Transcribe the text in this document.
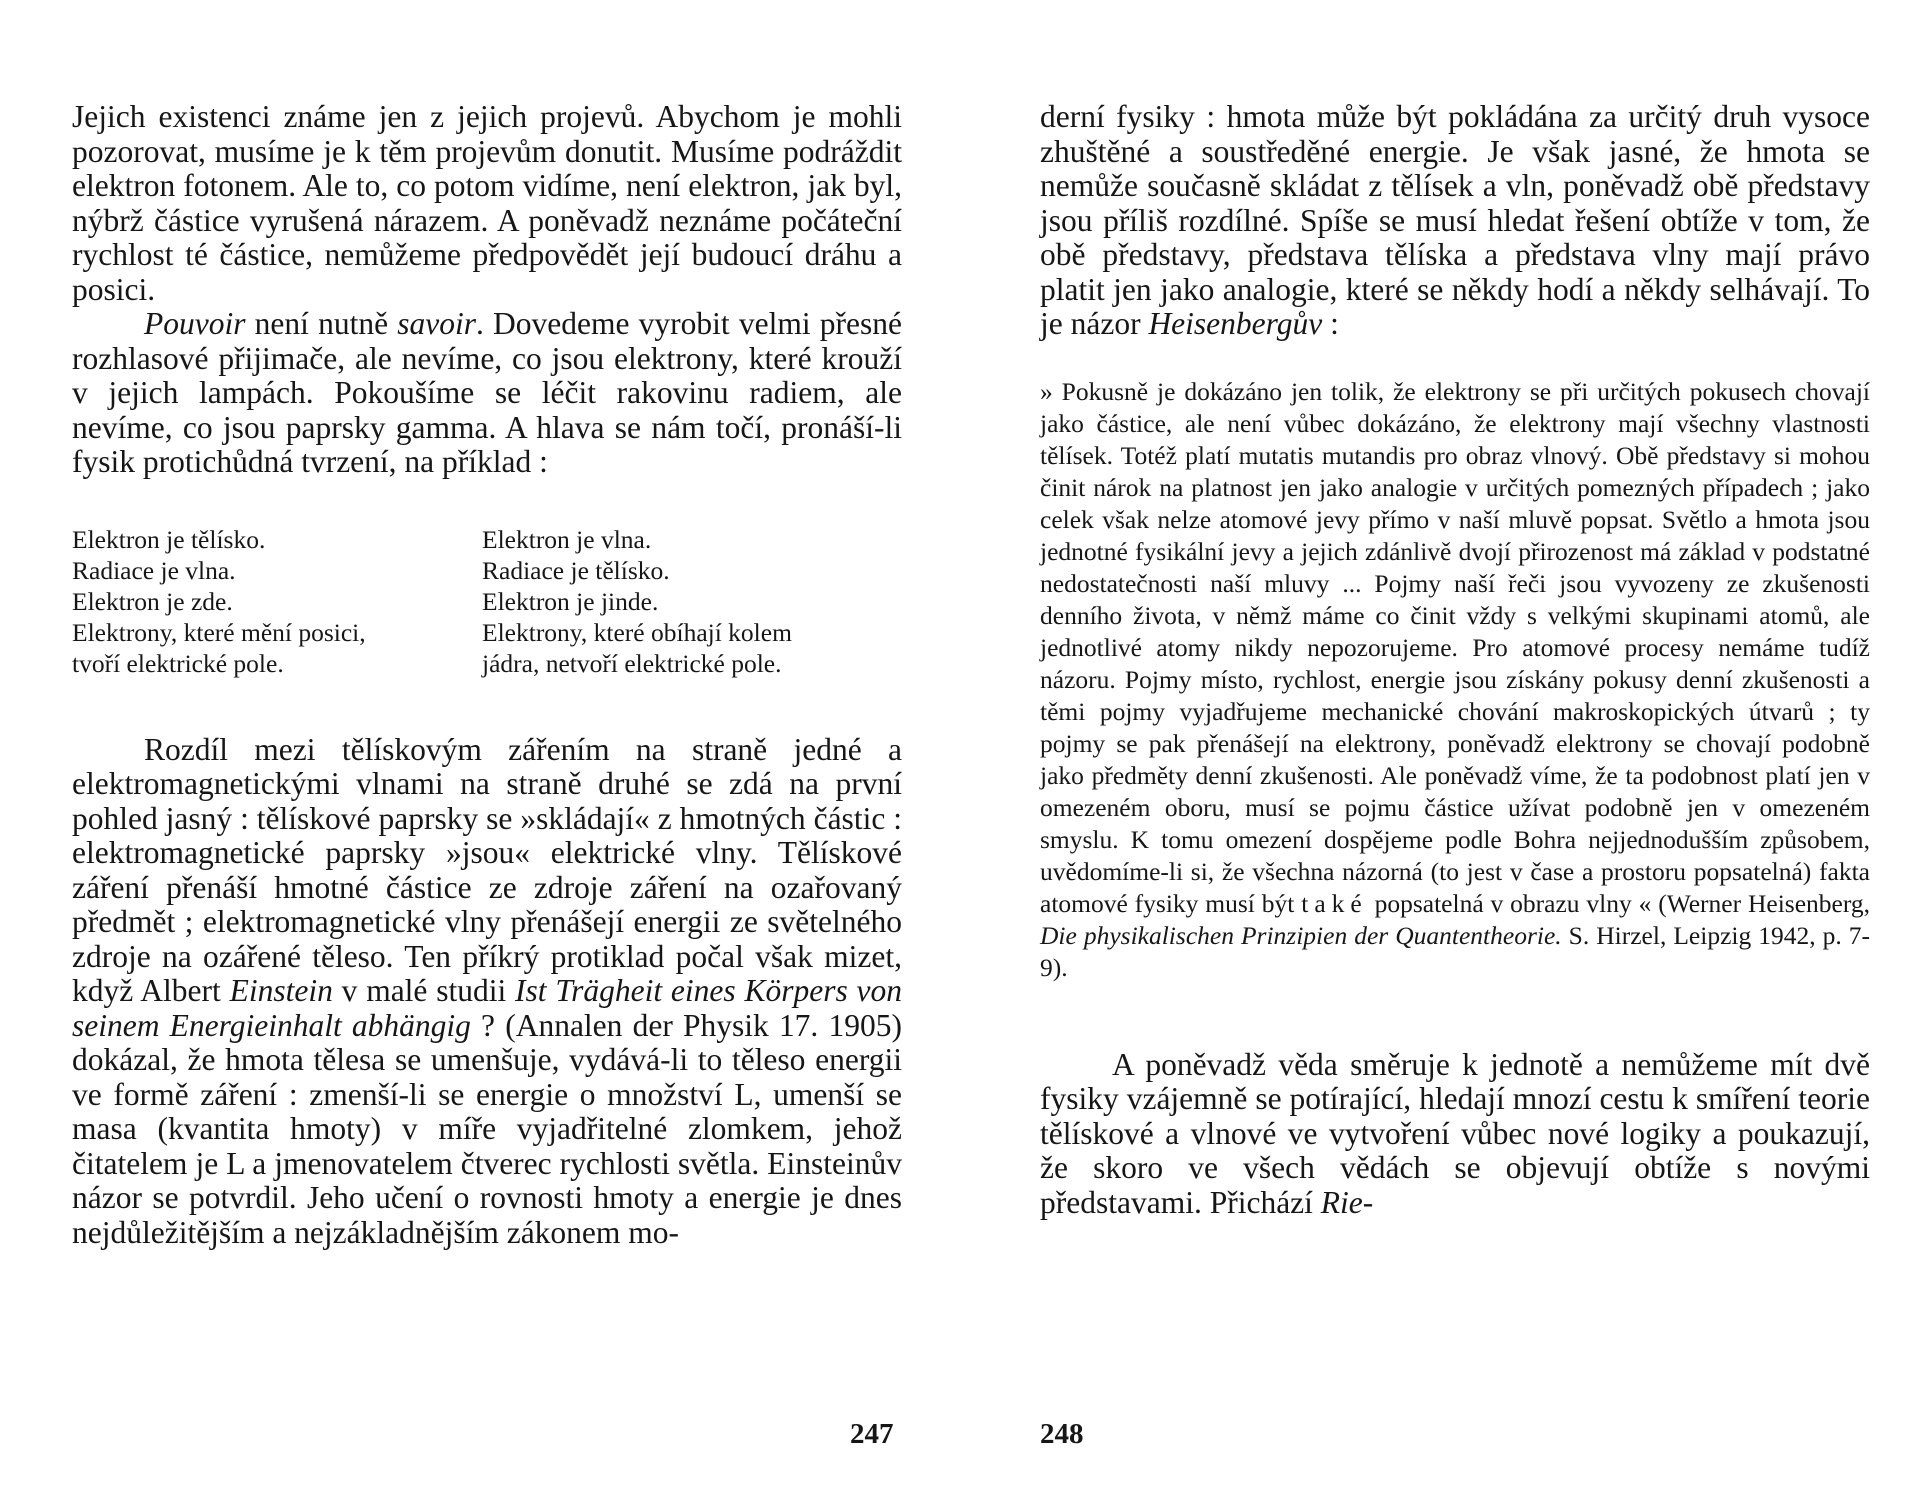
Jejich existenci známe jen z jejich projevů. Abychom je mohli pozorovat, musíme je k těm projevům donutit. Musíme podráždit elektron fotonem. Ale to, co potom vidíme, není elektron, jak byl, nýbrž částice vyrušená nárazem. A poněvadž neznáme počáteční rychlost té částice, nemůžeme předpovědět její budoucí dráhu a posici.

Pouvoir není nutně savoir. Dovedeme vyrobit velmi přesné rozhlasové přijimače, ale nevíme, co jsou elektrony, které krouží v jejich lampách. Pokoušíme se léčit rakovinu radiem, ale nevíme, co jsou paprsky gamma. A hlava se nám točí, pronáší-li fysik protichůdná tvrzení, na příklad :

Elektron je tělísko.	Elektron je vlna.
Radiace je vlna.	Radiace je tělísko.
Elektron je zde.	Elektron je jinde.
Elektrony, které mění posici,	Elektrony, které obíhají kolem
tvoří elektrické pole.	jádra, netvoří elektrické pole.

Rozdíl mezi tělískovým zářením na straně jedné a elektromagnetickými vlnami na straně druhé se zdá na první pohled jasný : tělískové paprsky se »skládají« z hmotných částic : elektromagnetické paprsky »jsou« elektrické vlny. Tělískové záření přenáší hmotné částice ze zdroje záření na ozařovaný předmět ; elektromagnetické vlny přenášejí energii ze světelného zdroje na ozářené těleso. Ten příkrý protiklad počal však mizet, když Albert Einstein v malé studii Ist Trägheit eines Körpers von seinem Energieinhalt abhängig ? (Annalen der Physik 17. 1905) dokázal, že hmota tělesa se umenšuje, vydává-li to těleso energii ve formě záření : zmenší-li se energie o množství L, umenší se masa (kvantita hmoty) v míře vyjadřitelné zlomkem, jehož čitatelem je L a jmenovatelem čtverec rychlosti světla. Einsteinův názor se potvrdil. Jeho učení o rovnosti hmoty a energie je dnes nejdůležitějším a nejzákladnějším zákonem mo-

247

derní fysiky : hmota může být pokládána za určitý druh vysoce zhuštěné a soustředěné energie. Je však jasné, že hmota se nemůže současně skládat z tělísek a vln, poněvadž obě představy jsou příliš rozdílné. Spíše se musí hledat řešení obtíže v tom, že obě představy, představa tělíska a představa vlny mají právo platit jen jako analogie, které se někdy hodí a někdy selhávají. To je názor Heisenbergův :

» Pokusně je dokázáno jen tolik, že elektrony se při určitých pokusech chovají jako částice, ale není vůbec dokázáno, že elektrony mají všechny vlastnosti tělísek. Totéž platí mutatis mutandis pro obraz vlnový. Obě představy si mohou činit nárok na platnost jen jako analogie v určitých pomezných případech ; jako celek však nelze atomové jevy přímo v naší mluvě popsat. Světlo a hmota jsou jednotné fysikální jevy a jejich zdánlivě dvojí přirozenost má základ v podstatné nedostatečnosti naší mluvy ... Pojmy naší řeči jsou vyvozeny ze zkušenosti denního života, v němž máme co činit vždy s velkými skupinami atomů, ale jednotlivé atomy nikdy nepozorujeme. Pro atomové procesy nemáme tudíž názoru. Pojmy místo, rychlost, energie jsou získány pokusy denní zkušenosti a těmi pojmy vyjadřujeme mechanické chování makroskopických útvarů ; ty pojmy se pak přenášejí na elektrony, poněvadž elektrony se chovají podobně jako předměty denní zkušenosti. Ale poněvadž víme, že ta podobnost platí jen v omezeném oboru, musí se pojmu částice užívat podobně jen v omezeném smyslu. K tomu omezení dospějeme podle Bohra nejjednodušším způsobem, uvědomíme-li si, že všechna názorná (to jest v čase a prostoru popsatelná) fakta atomové fysiky musí být také popsatelná v obrazu vlny « (Werner Heisenberg, Die physikalischen Prinzipien der Quantentheorie. S. Hirzel, Leipzig 1942, p. 7-9).

A poněvadž věda směruje k jednotě a nemůžeme mít dvě fysiky vzájemně se potírající, hledají mnozí cestu k smíření teorie tělískové a vlnové ve vytvoření vůbec nové logiky a poukazují, že skoro ve všech vědách se objevují obtíže s novými představami. Přichází Rie-

248
